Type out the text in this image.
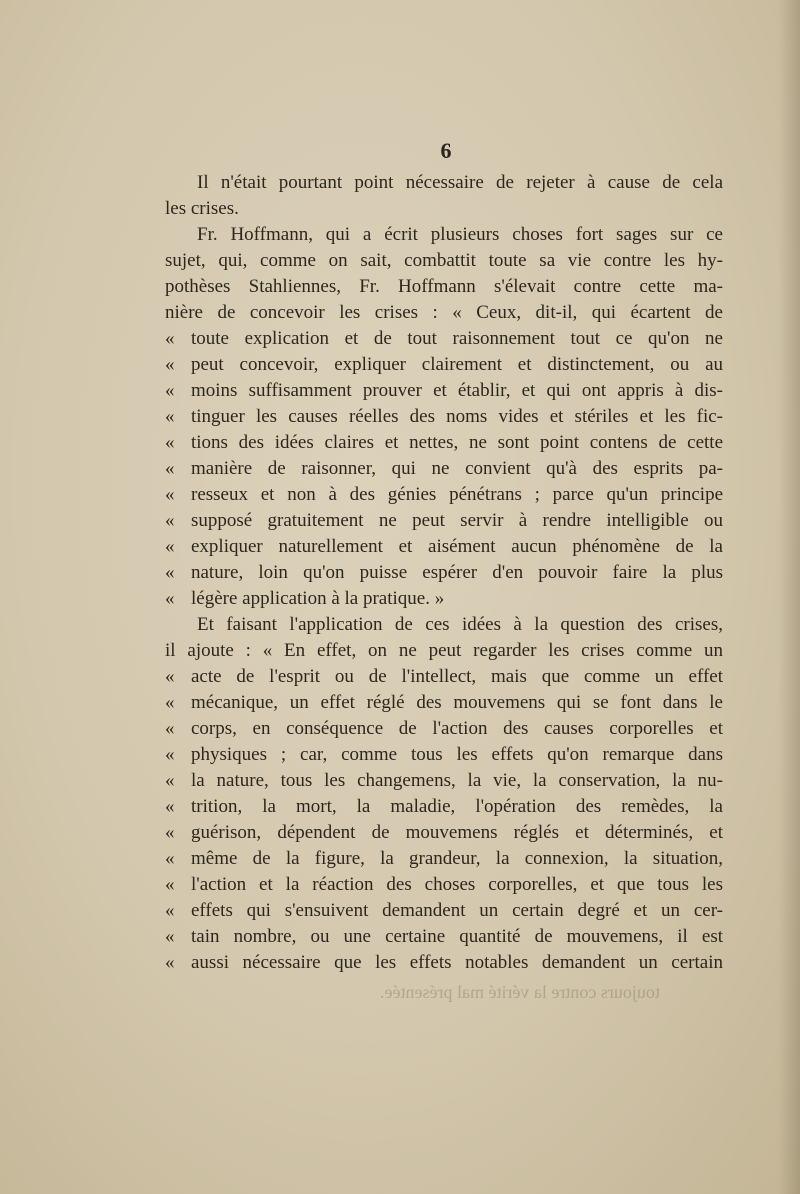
6
Il n'était pourtant point nécessaire de rejeter à cause de cela
les crises.
Fr. Hoffmann, qui a écrit plusieurs choses fort sages sur ce
sujet, qui, comme on sait, combattit toute sa vie contre les hy-
pothèses Stahliennes, Fr. Hoffmann s'élevait contre cette ma-
nière de concevoir les crises : « Ceux, dit-il, qui écartent de
« toute explication et de tout raisonnement tout ce qu'on ne
« peut concevoir, expliquer clairement et distinctement, ou au
« moins suffisamment prouver et établir, et qui ont appris à dis-
« tinguer les causes réelles des noms vides et stériles et les fic-
« tions des idées claires et nettes, ne sont point contens de cette
« manière de raisonner, qui ne convient qu'à des esprits pa-
« resseux et non à des génies pénétrans ; parce qu'un principe
« supposé gratuitement ne peut servir à rendre intelligible ou
« expliquer naturellement et aisément aucun phénomène de la
« nature, loin qu'on puisse espérer d'en pouvoir faire la plus
« légère application à la pratique. »
Et faisant l'application de ces idées à la question des crises,
il ajoute : « En effet, on ne peut regarder les crises comme un
« acte de l'esprit ou de l'intellect, mais que comme un effet
« mécanique, un effet réglé des mouvemens qui se font dans le
« corps, en conséquence de l'action des causes corporelles et
« physiques ; car, comme tous les effets qu'on remarque dans
« la nature, tous les changemens, la vie, la conservation, la nu-
« trition, la mort, la maladie, l'opération des remèdes, la
« guérison, dépendent de mouvemens réglés et déterminés, et
« même de la figure, la grandeur, la connexion, la situation,
« l'action et la réaction des choses corporelles, et que tous les
« effets qui s'ensuivent demandent un certain degré et un cer-
« tain nombre, ou une certaine quantité de mouvemens, il est
« aussi nécessaire que les effets notables demandent un certain
toujours contre la vérité mal présentée.
